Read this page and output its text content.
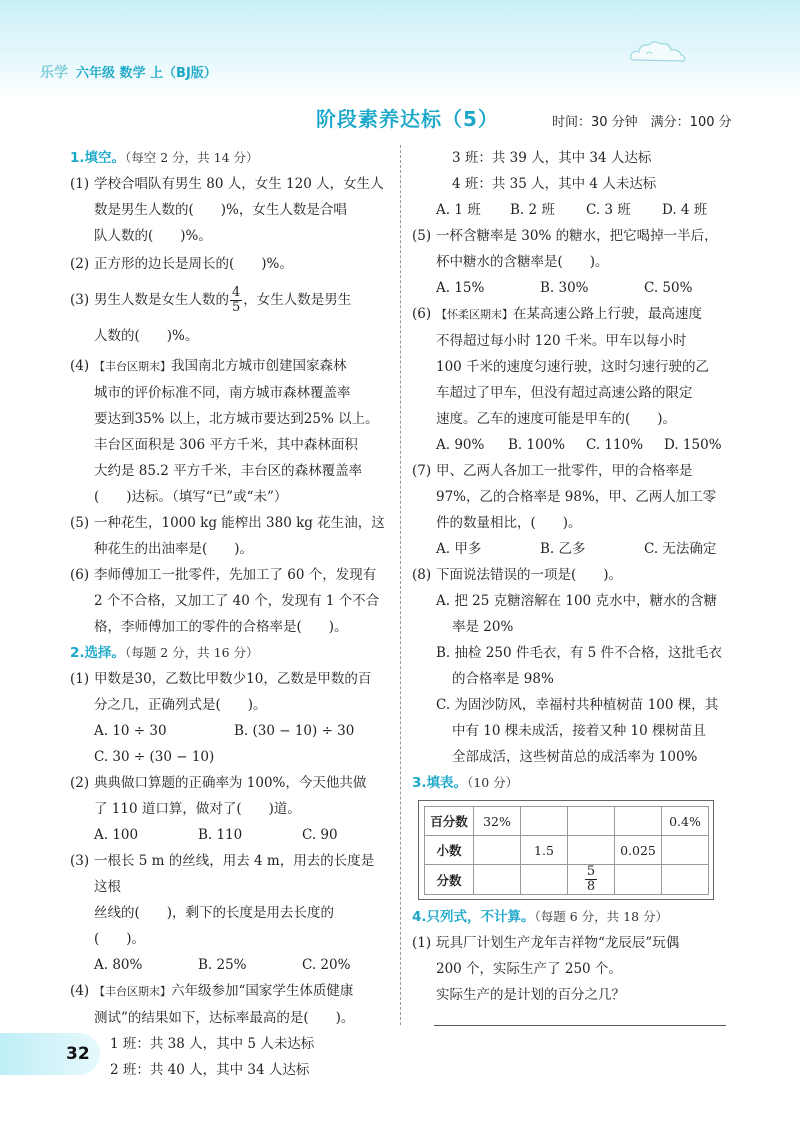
乐学 六年级 数学 上（BJ版）
阶段素养达标（5）	时间：30 分钟　满分：100 分
1.填空。（每空 2 分，共 14 分）
(1) 学校合唱队有男生 80 人，女生 120 人，女生人
数是男生人数的(　　)%，女生人数是合唱
队人数的(　　)%。
(2) 正方形的边长是周长的(　　)%。
(3) 男生人数是女生人数的 $\frac{4}{5}$ ，女生人数是男生
人数的(　　)%。
(4) 【丰台区期末】我国南北方城市创建国家森林
城市的评价标准不同，南方城市森林覆盖率
要达到35% 以上，北方城市要达到25% 以上。
丰台区面积是 306 平方千米，其中森林面积
大约是 85.2 平方千米，丰台区的森林覆盖率
(　　)达标。（填写“已”或“未”）
(5) 一种花生，1000 kg 能榨出 380 kg 花生油，这
种花生的出油率是(　　)。
(6) 李师傅加工一批零件，先加工了 60 个，发现有
2 个不合格，又加工了 40 个，发现有 1 个不合
格，李师傅加工的零件的合格率是(　　)。
2.选择。（每题 2 分，共 16 分）
(1) 甲数是30，乙数比甲数少10，乙数是甲数的百
分之几，正确列式是(　　)。
A. 10 ÷ 30	B. (30 − 10) ÷ 30
C. 30 ÷ (30 − 10)
(2) 典典做口算题的正确率为 100%，今天他共做
了 110 道口算，做对了(　　)道。
A. 100	B. 110	C. 90
(3) 一根长 5 m 的丝线，用去 4 m，用去的长度是这根
丝线的(　　)，剩下的长度是用去长度的(　　)。
A. 80%	B. 25%	C. 20%
(4) 【丰台区期末】六年级参加“国家学生体质健康
测试”的结果如下，达标率最高的是(　　)。
1 班：共 38 人，其中 5 人未达标
2 班：共 40 人，其中 34 人达标
3 班：共 39 人，其中 34 人达标
4 班：共 35 人，其中 4 人未达标
A. 1 班	B. 2 班	C. 3 班	D. 4 班
(5) 一杯含糖率是 30% 的糖水，把它喝掉一半后，
杯中糖水的含糖率是(　　)。
A. 15%	B. 30%	C. 50%
(6) 【怀柔区期末】在某高速公路上行驶，最高速度
不得超过每小时 120 千米。甲车以每小时
100 千米的速度匀速行驶，这时匀速行驶的乙
车超过了甲车，但没有超过高速公路的限定
速度。乙车的速度可能是甲车的(　　)。
A. 90%	B. 100%	C. 110%	D. 150%
(7) 甲、乙两人各加工一批零件，甲的合格率是
97%，乙的合格率是 98%，甲、乙两人加工零
件的数量相比，(　　)。
A. 甲多	B. 乙多	C. 无法确定
(8) 下面说法错误的一项是(　　)。
A. 把 25 克糖溶解在 100 克水中，糖水的含糖
率是 20%
B. 抽检 250 件毛衣，有 5 件不合格，这批毛衣
的合格率是 98%
C. 为固沙防风，幸福村共种植树苗 100 棵，其
中有 10 棵未成活，接着又种 10 棵树苗且
全部成活，这些树苗总的成活率为 100%
3.填表。（10 分）
百分数	32%				0.4%
小数		1.5		0.025	
分数			$\frac{5}{8}$

4.只列式，不计算。（每题 6 分，共 18 分）
(1) 玩具厂计划生产龙年吉祥物“龙辰辰”玩偶
200 个，实际生产了 250 个。
实际生产的是计划的百分之几？
32
